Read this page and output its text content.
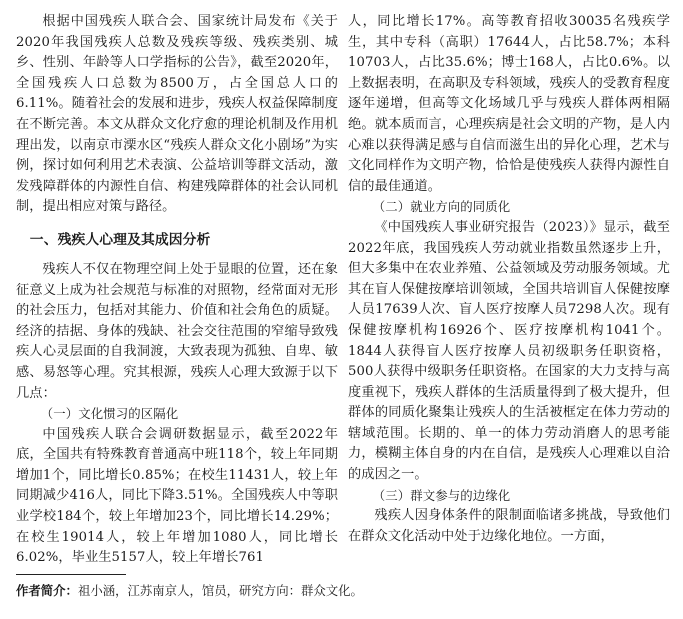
根据中国残疾人联合会、国家统计局发布《关于2020年我国残疾人总数及残疾等级、残疾类别、城乡、性别、年龄等人口学指标的公告》，截至2020年，全国残疾人口总数为8500万，占全国总人口的6.11%。随着社会的发展和进步，残疾人权益保障制度在不断完善。本文从群众文化疗愈的理论机制及作用机理出发，以南京市溧水区“残疾人群众文化小剧场”为实例，探讨如何利用艺术表演、公益培训等群文活动，激发残障群体的内源性自信、构建残障群体的社会认同机制，提出相应对策与路径。

一、残疾人心理及其成因分析

残疾人不仅在物理空间上处于显眼的位置，还在象征意义上成为社会规范与标准的对照物，经常面对无形的社会压力，包括对其能力、价值和社会角色的质疑。经济的拮据、身体的残缺、社会交往范围的窄缩导致残疾人心灵层面的自我洞渡，大致表现为孤独、自卑、敏感、易怒等心理。究其根源，残疾人心理大致源于以下几点：

（一）文化惯习的区隔化

中国残疾人联合会调研数据显示，截至2022年底，全国共有特殊教育普通高中班118个，较上年同期增加1个，同比增长0.85%；在校生11431人，较上年同期减少416人，同比下降3.51%。全国残疾人中等职业学校184个，较上年增加23个，同比增长14.29%；在校生19014人，较上年增加1080人，同比增长6.02%，毕业生5157人，较上年增长761

人，同比增长17%。高等教育招收30035名残疾学生，其中专科（高职）17644人，占比58.7%；本科10703人，占比35.6%；博士168人，占比0.6%。以上数据表明，在高职及专科领域，残疾人的受教育程度逐年递增，但高等文化场域几乎与残疾人群体两相隔绝。就本质而言，心理疾病是社会文明的产物，是人内心难以获得满足感与自信而滋生出的异化心理，艺术与文化同样作为文明产物，恰恰是使残疾人获得内源性自信的最佳通道。

（二）就业方向的同质化

《中国残疾人事业研究报告（2023）》显示，截至2022年底，我国残疾人劳动就业指数虽然逐步上升，但大多集中在农业养殖、公益领域及劳动服务领域。尤其在盲人保健按摩培训领域，全国共培训盲人保健按摩人员17639人次、盲人医疗按摩人员7298人次。现有保健按摩机构16926个、医疗按摩机构1041个。1844人获得盲人医疗按摩人员初级职务任职资格，500人获得中级职务任职资格。在国家的大力支持与高度重视下，残疾人群体的生活质量得到了极大提升，但群体的同质化聚集让残疾人的生活被框定在体力劳动的辖域范围。长期的、单一的体力劳动消磨人的思考能力，模糊主体自身的内在自信，是残疾人心理难以自洽的成因之一。

（三）群文参与的边缘化

残疾人因身体条件的限制面临诸多挑战，导致他们在群众文化活动中处于边缘化地位。一方面，

作者简介：祖小涵，江苏南京人，馆员，研究方向：群众文化。
